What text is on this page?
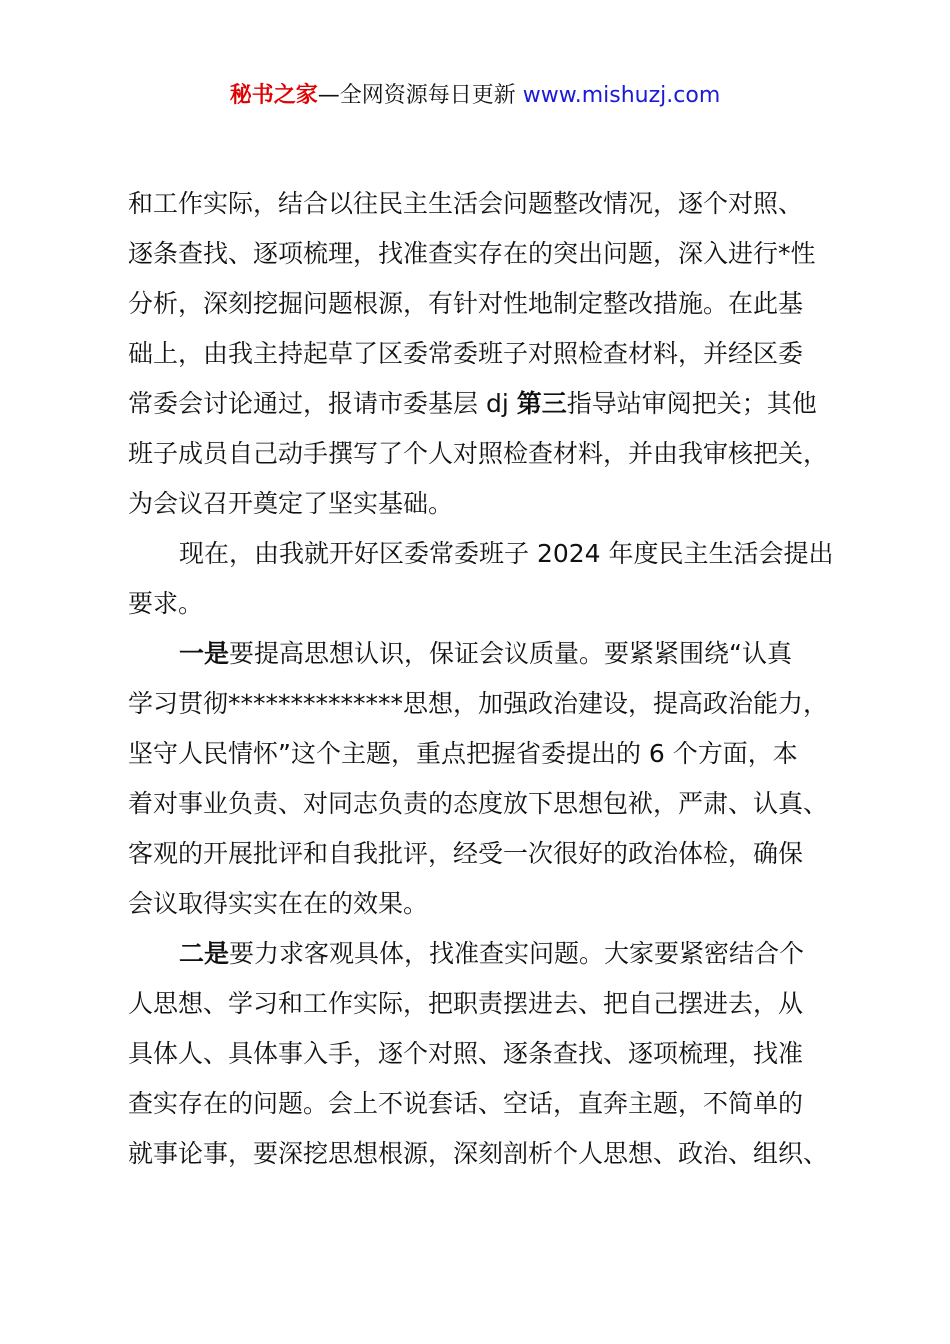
秘书之家—全网资源每日更新 www.mishuzj.com
和工作实际，结合以往民主生活会问题整改情况，逐个对照、
逐条查找、逐项梳理，找准查实存在的突出问题，深入进行*性
分析，深刻挖掘问题根源，有针对性地制定整改措施。在此基
础上，由我主持起草了区委常委班子对照检查材料，并经区委
常委会讨论通过，报请市委基层 dj 第三指导站审阅把关；其他
班子成员自己动手撰写了个人对照检查材料，并由我审核把关，
为会议召开奠定了坚实基础。
现在，由我就开好区委常委班子 2024 年度民主生活会提出
要求。
一是要提高思想认识，保证会议质量。要紧紧围绕“认真
学习贯彻**************思想，加强政治建设，提高政治能力，
坚守人民情怀”这个主题，重点把握省委提出的 6 个方面，本
着对事业负责、对同志负责的态度放下思想包袱，严肃、认真、
客观的开展批评和自我批评，经受一次很好的政治体检，确保
会议取得实实在在的效果。
二是要力求客观具体，找准查实问题。大家要紧密结合个
人思想、学习和工作实际，把职责摆进去、把自己摆进去，从
具体人、具体事入手，逐个对照、逐条查找、逐项梳理，找准
查实存在的问题。会上不说套话、空话，直奔主题，不简单的
就事论事，要深挖思想根源，深刻剖析个人思想、政治、组织、
